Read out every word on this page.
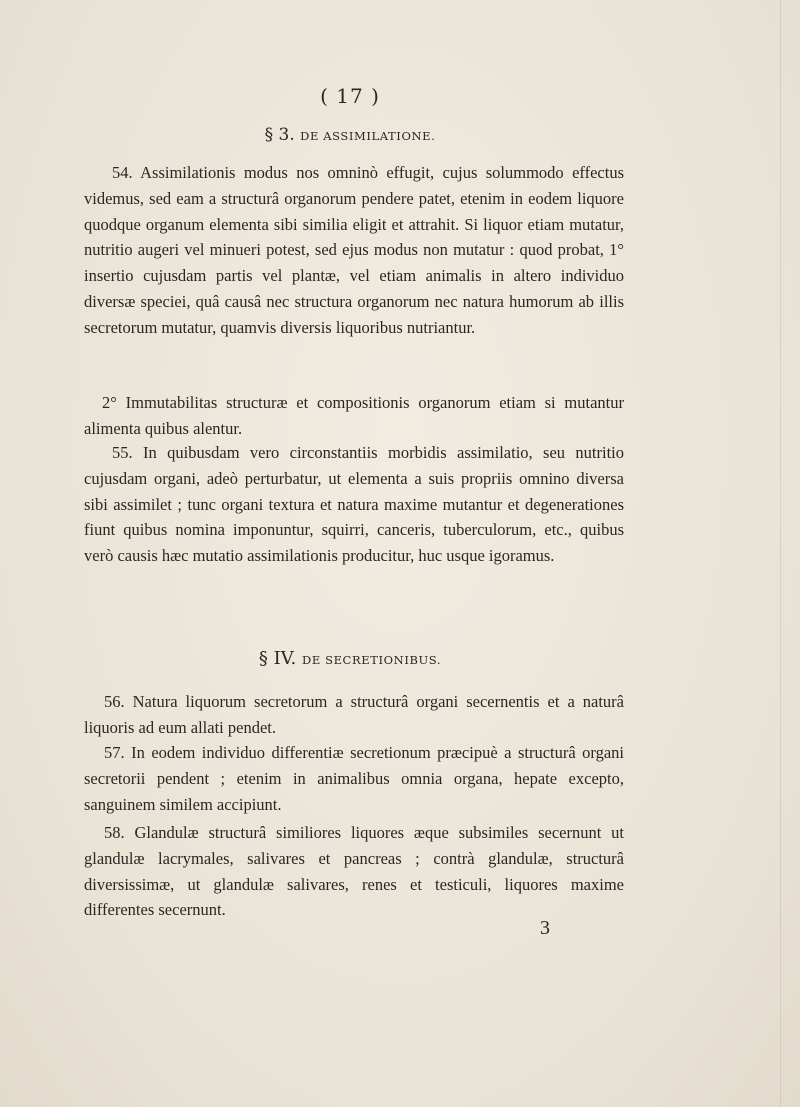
( 17 )
§ 3. DE ASSIMILATIONE.

54. Assimilationis modus nos omninò effugit, cujus solummodo effectus videmus, sed eam a structurâ organorum pendere patet, etenim in eodem liquore quodque organum elementa sibi similia eligit et attrahit. Si liquor etiam mutatur, nutritio augeri vel minueri potest, sed ejus modus non mutatur : quod probat, 1° insertio cujusdam partis vel plantæ, vel etiam animalis in altero individuo diversæ speciei, quâ causâ nec structura organorum nec natura humorum ab illis secretorum mutatur, quamvis diversis liquoribus nutriantur.

2° Immutabilitas structuræ et compositionis organorum etiam si mutantur alimenta quibus alentur.

55. In quibusdam vero circonstantiis morbidis assimilatio, seu nutritio cujusdam organi, adeò perturbatur, ut elementa a suis propriis omnino diversa sibi assimilet ; tunc organi textura et natura maxime mutantur et degenerationes fiunt quibus nomina imponuntur, squirri, canceris, tuberculorum, etc., quibus verò causis hæc mutatio assimilationis producitur, huc usque igoramus.

§ IV. DE SECRETIONIBUS.

56. Natura liquorum secretorum a structurâ organi secernentis et a naturâ liquoris ad eum allati pendet.

57. In eodem individuo differentiæ secretionum præcipuè a structurâ organi secretorii pendent ; etenim in animalibus omnia organa, hepate excepto, sanguinem similem accipiunt.

58. Glandulæ structurâ similiores liquores æque subsimiles secernunt ut glandulæ lacrymales, salivares et pancreas ; contrà glandulæ, structurâ diversissimæ, ut glandulæ salivares, renes et testiculi, liquores maxime differentes secernunt.

3
